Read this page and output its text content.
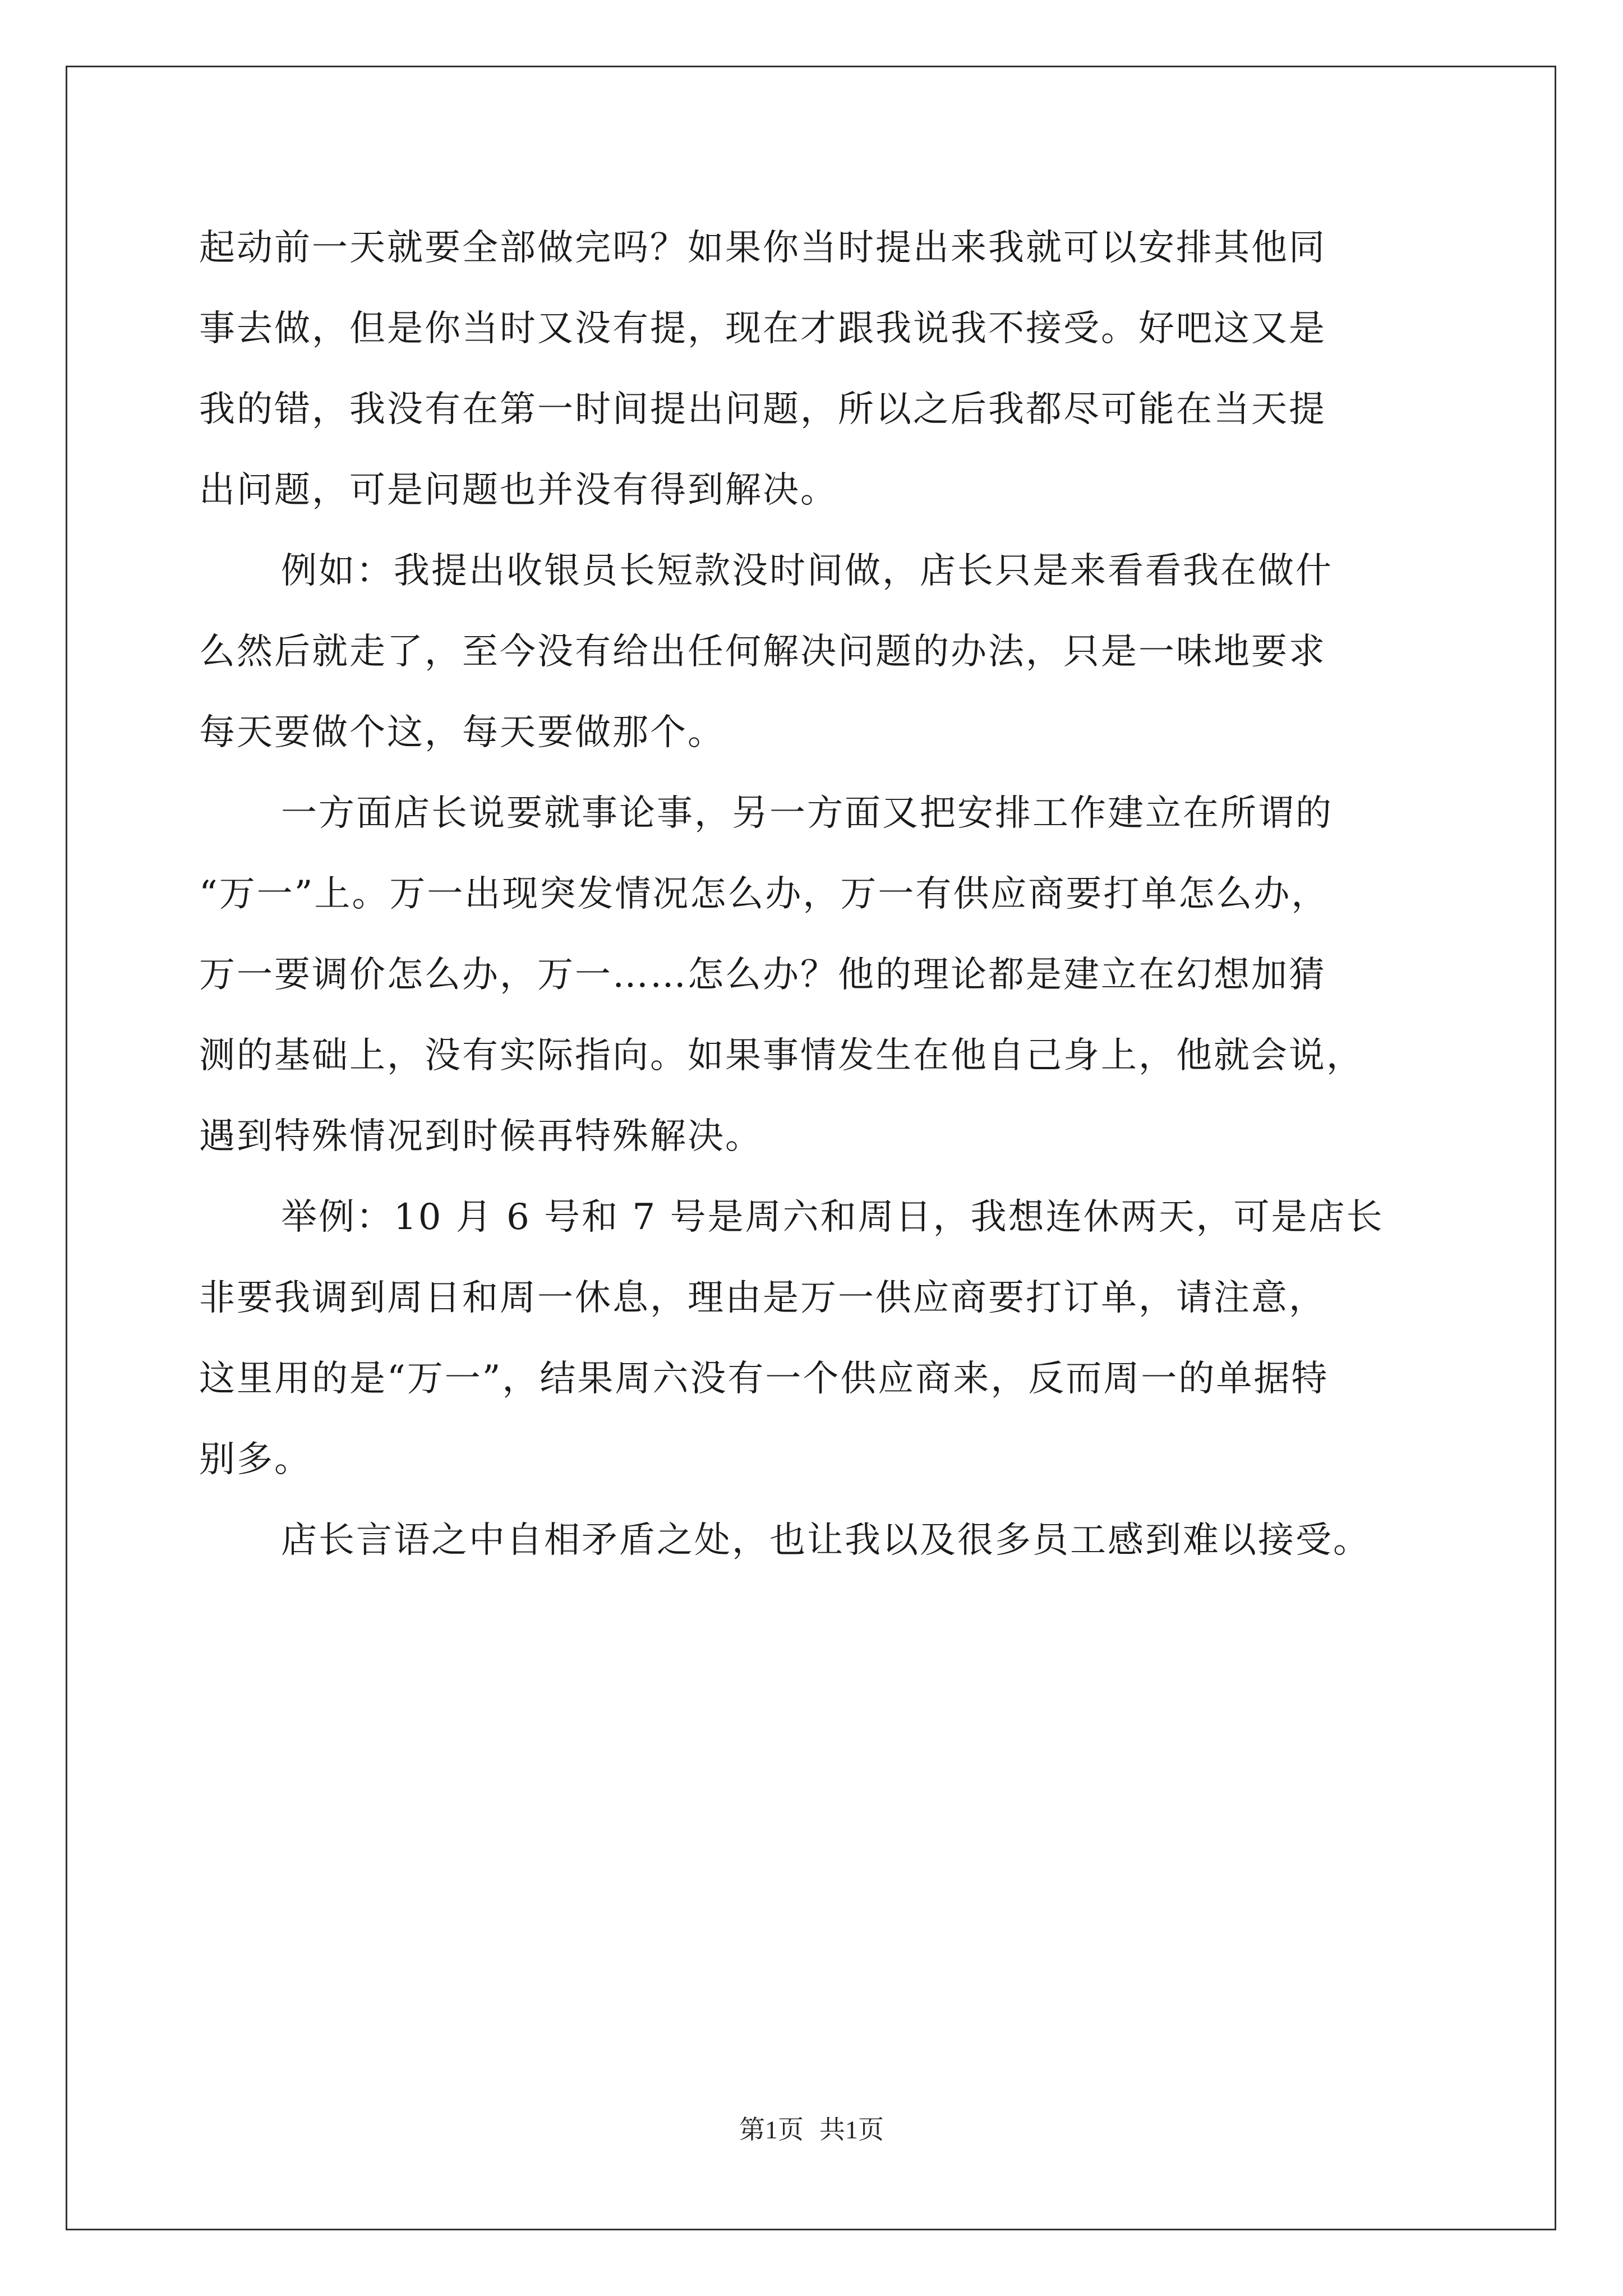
起动前一天就要全部做完吗？如果你当时提出来我就可以安排其他同
事去做，但是你当时又没有提，现在才跟我说我不接受。好吧这又是
我的错，我没有在第一时间提出问题，所以之后我都尽可能在当天提
出问题，可是问题也并没有得到解决。
例如：我提出收银员长短款没时间做，店长只是来看看我在做什
么然后就走了，至今没有给出任何解决问题的办法，只是一味地要求
每天要做个这，每天要做那个。
一方面店长说要就事论事，另一方面又把安排工作建立在所谓的
“万一”上。万一出现突发情况怎么办，万一有供应商要打单怎么办，
万一要调价怎么办，万一……怎么办？他的理论都是建立在幻想加猜
测的基础上，没有实际指向。如果事情发生在他自己身上，他就会说，
遇到特殊情况到时候再特殊解决。
举例：10 月 6 号和 7 号是周六和周日，我想连休两天，可是店长
非要我调到周日和周一休息，理由是万一供应商要打订单，请注意，
这里用的是“万一”，结果周六没有一个供应商来，反而周一的单据特
别多。
店长言语之中自相矛盾之处，也让我以及很多员工感到难以接受。
第1页 共1页
